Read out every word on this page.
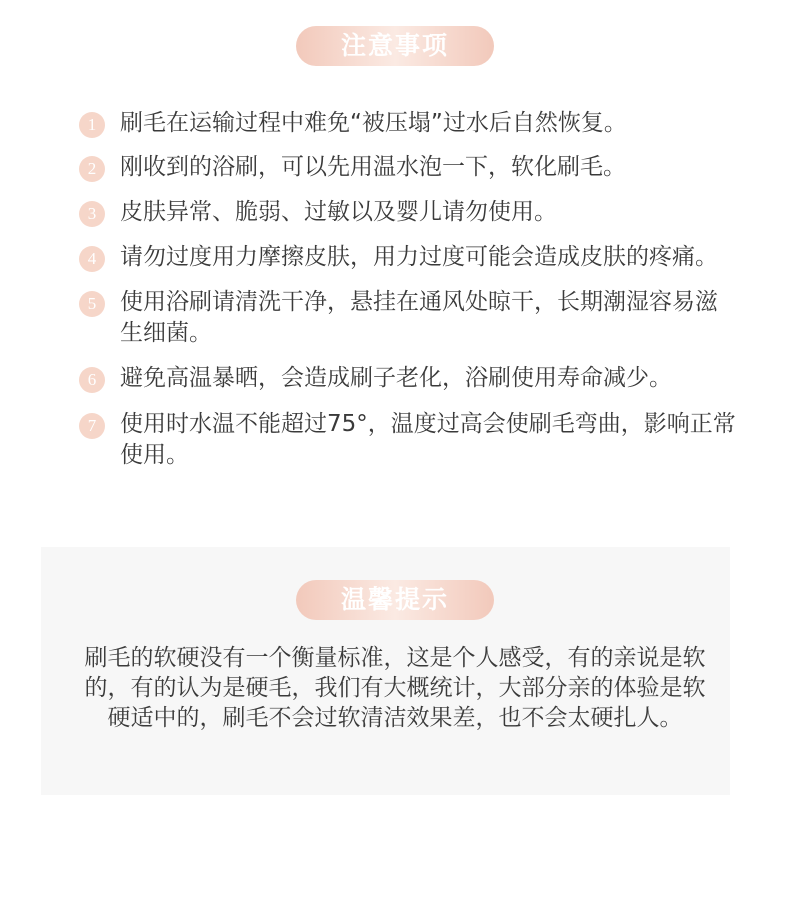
注意事项
1	刷毛在运输过程中难免“被压塌”过水后自然恢复。
2	刚收到的浴刷，可以先用温水泡一下，软化刷毛。
3	皮肤异常、脆弱、过敏以及婴儿请勿使用。
4	请勿过度用力摩擦皮肤，用力过度可能会造成皮肤的疼痛。
5	使用浴刷请清洗干净，悬挂在通风处晾干，长期潮湿容易滋生细菌。
6	避免高温暴晒，会造成刷子老化，浴刷使用寿命减少。
7	使用时水温不能超过75°，温度过高会使刷毛弯曲，影响正常使用。
温馨提示

刷毛的软硬没有一个衡量标准，这是个人感受，有的亲说是软的，有的认为是硬毛，我们有大概统计，大部分亲的体验是软硬适中的，刷毛不会过软清洁效果差，也不会太硬扎人。
